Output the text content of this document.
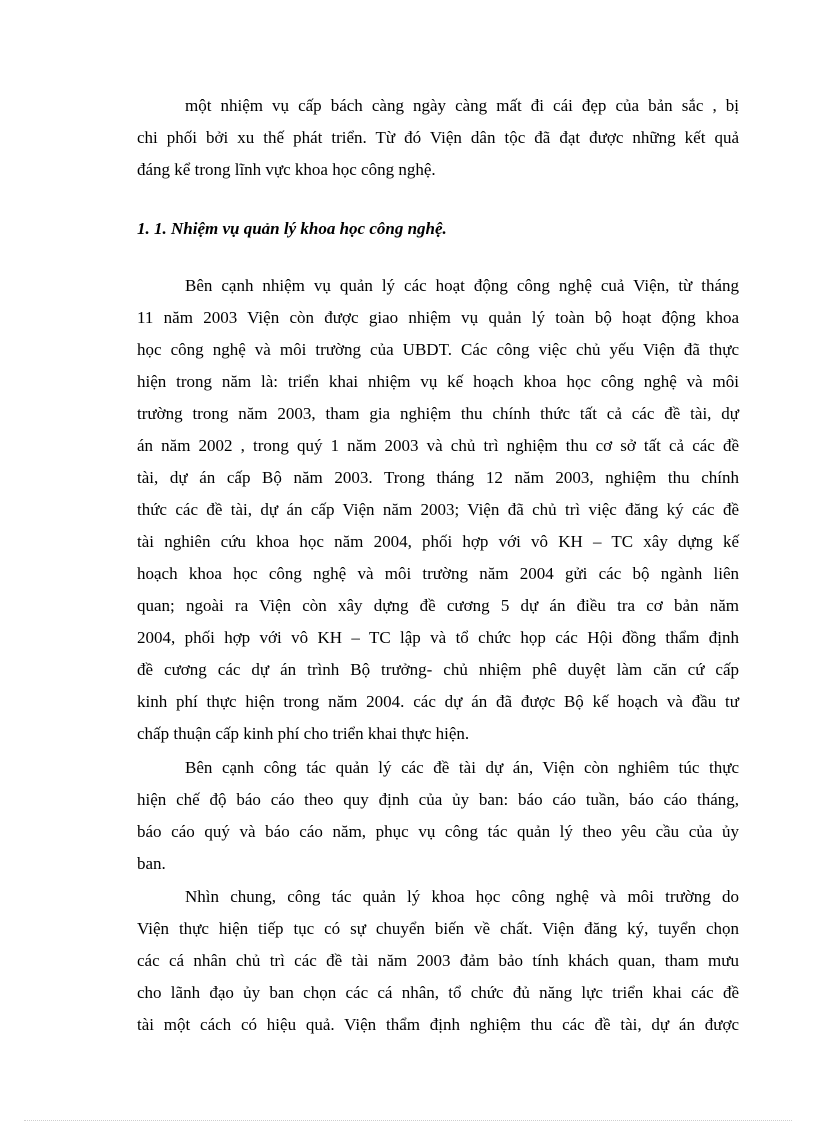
một nhiệm vụ cấp bách càng ngày càng mất đi cái đẹp của bản sắc , bị
chi phối bởi xu thế phát triển. Từ đó Viện dân tộc đã đạt được những kết quả
đáng kể trong lĩnh vực khoa học công nghệ.
1. 1. Nhiệm vụ quản lý khoa học công nghệ.
Bên cạnh nhiệm vụ quản lý các hoạt động công nghệ cuả Viện, từ tháng
11 năm 2003 Viện còn được giao nhiệm vụ quản lý toàn bộ hoạt động khoa
học công nghệ và môi trường của UBDT. Các công việc chủ yếu Viện đã thực
hiện trong năm là: triển khai nhiệm vụ kế hoạch khoa học công nghệ và môi
trường trong năm 2003, tham gia nghiệm thu chính thức tất cả các đề tài, dự
án năm 2002 , trong quý 1 năm 2003 và chủ trì nghiệm thu cơ sở tất cả các đề
tài, dự án cấp Bộ năm 2003. Trong tháng 12 năm 2003, nghiệm thu chính
thức các đề tài, dự án cấp Viện năm 2003; Viện đã chủ trì việc đăng ký các đề
tài nghiên cứu khoa học năm 2004, phối hợp với vô KH – TC xây dựng kế
hoạch khoa học công nghệ và môi trường năm 2004 gửi các bộ ngành liên
quan; ngoài ra Viện còn xây dựng đề cương 5 dự án điều tra cơ bản năm
2004, phối hợp với vô KH – TC lập và tổ chức họp các Hội đồng thẩm định
đề cương các dự án trình Bộ trưởng- chủ nhiệm phê duyệt làm căn cứ cấp
kinh phí thực hiện trong năm 2004. các dự án đã được Bộ kế hoạch và đầu tư
chấp thuận cấp kinh phí cho triển khai thực hiện.
Bên cạnh công tác quản lý các đề tài dự án, Viện còn nghiêm túc thực
hiện chế độ báo cáo theo quy định của ủy ban: báo cáo tuần, báo cáo tháng,
báo cáo quý và báo cáo năm, phục vụ công tác quản lý theo yêu cầu của ủy
ban.
Nhìn chung, công tác quản lý khoa học công nghệ và môi trường do
Viện thực hiện tiếp tục có sự chuyển biến về chất. Viện đăng ký, tuyển chọn
các cá nhân chủ trì các đề tài năm 2003 đảm bảo tính khách quan, tham mưu
cho lãnh đạo ủy ban chọn các cá nhân, tổ chức đủ năng lực triển khai các đề
tài một cách có hiệu quả. Viện thẩm định nghiệm thu các đề tài, dự án được
